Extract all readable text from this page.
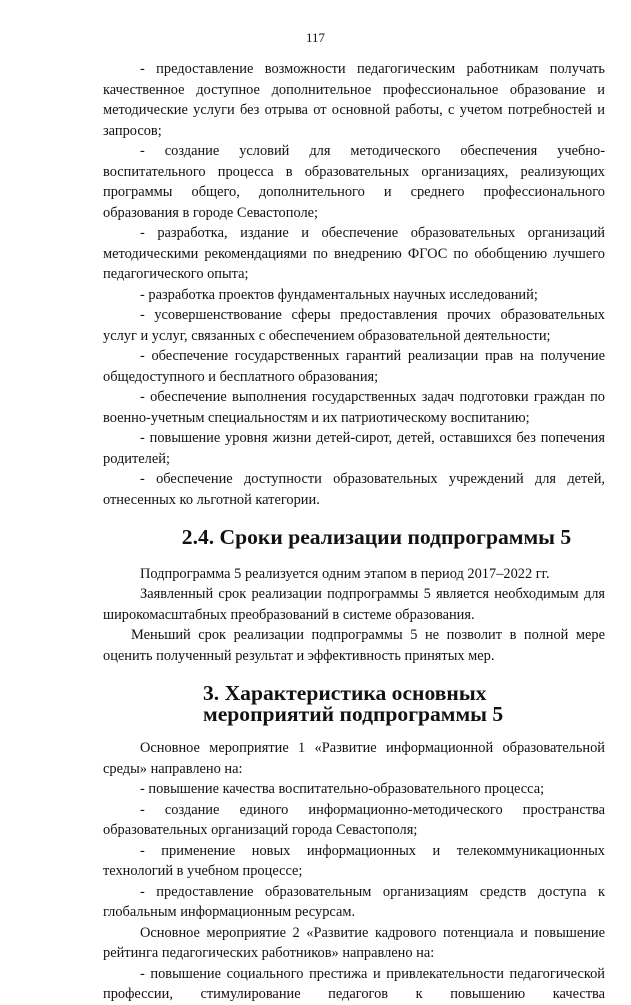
117

- предоставление возможности педагогическим работникам получать качественное доступное дополнительное профессиональное образование и методические услуги без отрыва от основной работы, с учетом потребностей и запросов;

- создание условий для методического обеспечения учебно-воспитательного процесса в образовательных организациях, реализующих программы общего, дополнительного и среднего профессионального образования в городе Севастополе;

- разработка, издание и обеспечение образовательных организаций методическими рекомендациями по внедрению ФГОС по обобщению лучшего педагогического опыта;

- разработка проектов фундаментальных научных исследований;

- усовершенствование сферы предоставления прочих образовательных услуг и услуг, связанных с обеспечением образовательной деятельности;

- обеспечение государственных гарантий реализации прав на получение общедоступного и бесплатного образования;

- обеспечение выполнения государственных задач подготовки граждан по военно-учетным специальностям и их патриотическому воспитанию;

- повышение уровня жизни детей-сирот, детей, оставшихся без попечения родителей;

- обеспечение доступности образовательных учреждений для детей, отнесенных ко льготной категории.

2.4. Сроки реализации подпрограммы 5

Подпрограмма 5 реализуется одним этапом в период 2017–2022 гг.

Заявленный срок реализации подпрограммы 5 является необходимым для широкомасштабных преобразований в системе образования.

Меньший срок реализации подпрограммы 5 не позволит в полной мере оценить полученный результат и эффективность принятых мер.

3. Характеристика основных мероприятий подпрограммы 5

Основное мероприятие 1 «Развитие информационной образовательной среды» направлено на:

- повышение качества воспитательно-образовательного процесса;

- создание единого информационно-методического пространства образовательных организаций города Севастополя;

- применение новых информационных и телекоммуникационных технологий в учебном процессе;

- предоставление образовательным организациям средств доступа к глобальным информационным ресурсам.

Основное мероприятие 2 «Развитие кадрового потенциала и повышение рейтинга педагогических работников» направлено на:

- повышение социального престижа и привлекательности педагогической профессии, стимулирование педагогов к повышению качества
